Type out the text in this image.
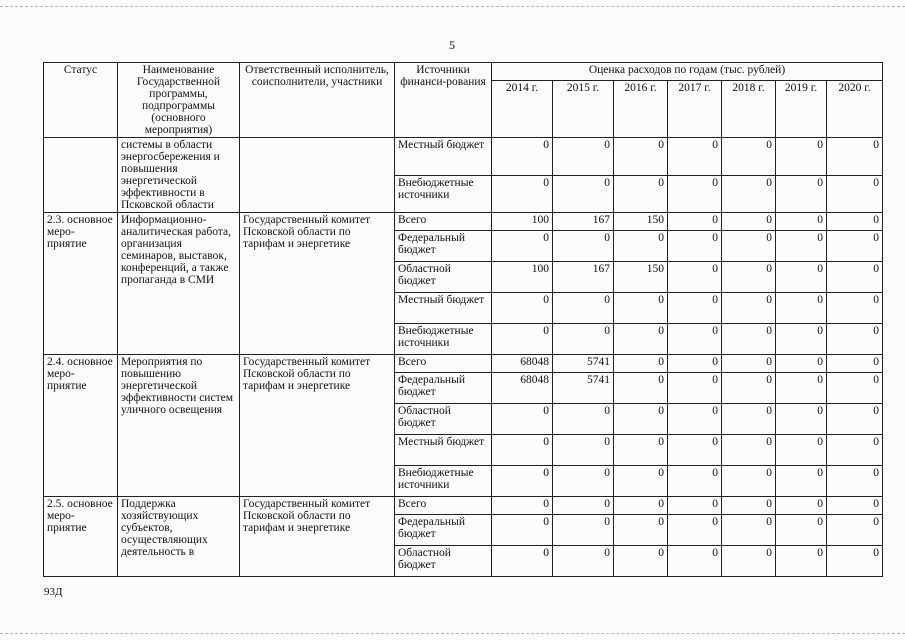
5
Статус	Наименование Государственной программы, подпрограммы (основного мероприятия)	Ответственный исполнитель, соисполнители, участники	Источники финанси-рования	Оценка расходов по годам (тыс. рублей)						
				2014 г.	2015 г.	2016 г.	2017 г.	2018 г.	2019 г.	2020 г.
	системы в области энергосбережения и повышения энергетической эффективности в Псковской области		Местный бюджет	0	0	0	0	0	0	0
			Внебюджетные источники	0	0	0	0	0	0	0
2.3. основное меро-приятие	Информационно-аналитическая работа, организация семинаров, выставок, конференций, а также пропаганда в СМИ	Государственный комитет Псковской области по тарифам и энергетике	Всего	100	167	150	0	0	0	0
			Федеральный бюджет	0	0	0	0	0	0	0
			Областной бюджет	100	167	150	0	0	0	0
			Местный бюджет	0	0	0	0	0	0	0
			Внебюджетные источники	0	0	0	0	0	0	0
2.4. основное меро-приятие	Мероприятия по повышению энергетической эффективности систем уличного освещения	Государственный комитет Псковской области по тарифам и энергетике	Всего	68048	5741	0	0	0	0	0
			Федеральный бюджет	68048	5741	0	0	0	0	0
			Областной бюджет	0	0	0	0	0	0	0
			Местный бюджет	0	0	0	0	0	0	0
			Внебюджетные источники	0	0	0	0	0	0	0
2.5. основное меро-приятие	Поддержка хозяйствующих субъектов, осуществляющих деятельность в	Государственный комитет Псковской области по тарифам и энергетике	Всего	0	0	0	0	0	0	0
			Федеральный бюджет	0	0	0	0	0	0	0
			Областной бюджет	0	0	0	0	0	0	0
93Д
